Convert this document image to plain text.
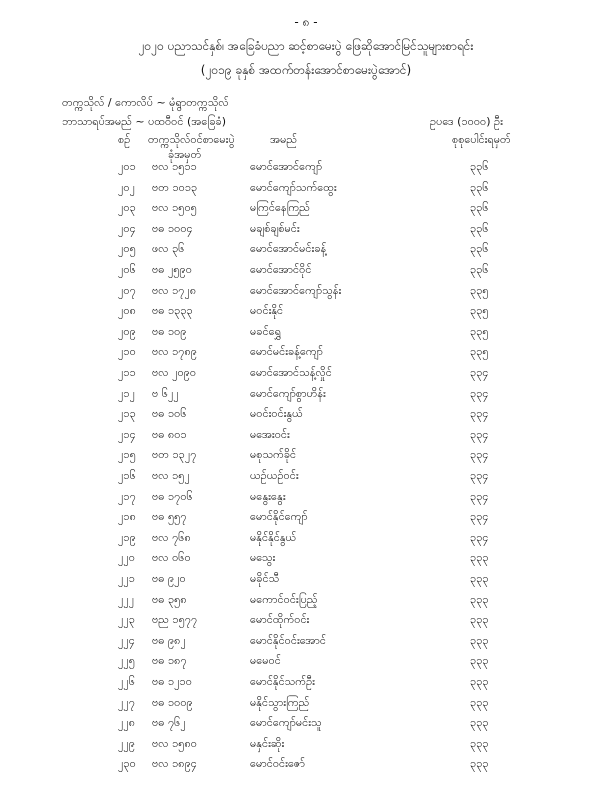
- ၈ -
၂၀၂၀ ပညာသင်နှစ်၊ အခြေခံပညာ ဆင့်စာမေးပွဲ ဖြေဆိုအောင်မြင်သူများစာရင်း
(၂၀၁၉ ခုနှစ် အထက်တန်းအောင်စာမေးပွဲအောင်)
တက္ကသိုလ် / ကောလိပ် ~ မုံရွာတက္ကသိုလ်
ဘာသာရပ်အမည် ~ ပထဝီဝင် (အခြေခံ)	ဥပဒေ (၁၀၀၀) ဦး
စဉ် တက္ကသိုလ်ဝင်စာမေးပွဲ
ခုံအမှတ်
အမည်	စုစုပေါင်းရမှတ်
၂၀၁ ဗလ ၁၅၁၁	မောင်အောင်ကျော်	၃၃၆
၂၀၂ ဗတ ၁၀၁၃	မောင်ကျော်သက်ထွေး	၃၃၆
၂၀၃ ဗလ ၁၅၀၅	မကြင်နေကြည်	၃၃၆
၂၀၄ ဗဓ ၁၀၀၄	မချစ်ချစ်မင်း	၃၃၆
၂၀၅ ဖလ ၃၆	မောင်အောင်မင်းခန့်	၃၃၆
၂၀၆ ဗဓ ၂၅၉၀	မောင်အောင်ဝိုင်	၃၃၆
၂၀၇ ဗလ ၁၇၂၈	မောင်အောင်ကျော်သွန်း	၃၃၅
၂၀၈ ဗဓ ၁၃၃၃	မဝင်းနိုင်	၃၃၅
၂၀၉ ဗဓ ၁၀၉	မခင်ရွှေ	၃၃၅
၂၁၀ ဗလ ၁၇၈၉	မောင်မင်းခန့်ကျော်	၃၃၅
၂၁၁ ဗလ ၂၀၉၀	မောင်အောင်သန့်လှိုင်	၃၃၄
၂၁၂ ဗ ၆၂၂	မောင်ကျော်စွာဟိန်း	၃၃၄
၂၁၃ ဗဓ ၁၀၆	မဝင်းဝင်းနွယ်	၃၃၄
၂၁၄ ဗဓ ၈၀၁	မအေးဝင်း	၃၃၄
၂၁၅ ဗတ ၁၃၂၇	မစုသက်ခိုင်	၃၃၄
၂၁၆ ဗလ ၁၅၂	ယဉ်ယဉ်ဝင်း	၃၃၄
၂၁၇ ဗဓ ၁၇၀၆	မနွေးနွေး	၃၃၄
၂၁၈ ဗဓ ၅၅၇	မောင်နိုင်ကျော်	၃၃၄
၂၁၉ ဗလ ၇၆၈	မနိုင်နိုင်နွယ်	၃၃၄
၂၂၀ ဗလ ၀၆၀	မသွေး	၃၃၃
၂၂၁ ဗဓ ၉၂၀	မခိုင်သီ	၃၃၃
၂၂၂ ဗဓ ၃၅၈	မကောင်ဝင်းပြည့်	၃၃၃
၂၂၃ ဗည ၁၅၇၇	မောင်ထိုက်ဝင်း	၃၃၃
၂၂၄ ဗဓ ၉၈၂	မောင်နိုင်ဝင်းအောင်	၃၃၃
၂၂၅ ဗဓ ၁၈၇	မမေဝင်	၃၃၃
၂၂၆ ဗဓ ၁၂၁၀	မောင်နိုင်သက်ဦး	၃၃၃
၂၂၇ ဗဓ ၁၀၀၉	မနိုင်သွားကြည်	၃၃၃
၂၂၈ ဗဓ ၇၆၂	မောင်ကျော်မင်းသူ	၃၃၃
၂၂၉ ဗလ ၁၅၈၀	မနှင်းဆိုး	၃၃၃
၂၃၀ ဗလ ၁၈၉၄	မောင်ဝင်းဇော်	၃၃၃
